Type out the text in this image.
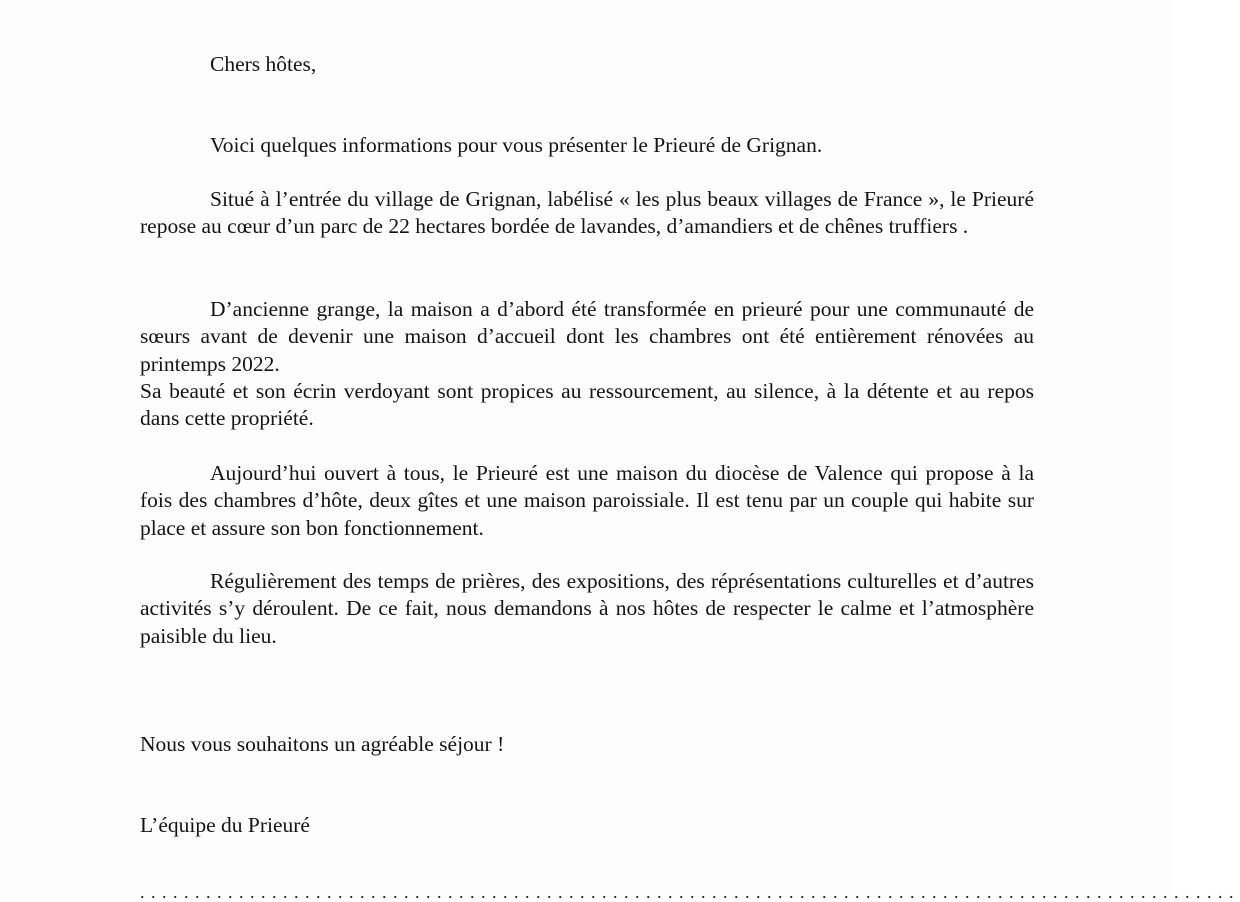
Chers hôtes,

Voici quelques informations pour vous présenter le Prieuré de Grignan.

Situé à l’entrée du village de Grignan, labélisé « les plus beaux villages de France », le Prieuré repose au cœur d’un parc de 22 hectares bordée de lavandes, d’amandiers et de chênes truffiers .

D’ancienne grange, la maison a d’abord été transformée en prieuré pour une communauté de sœurs avant de devenir une maison d’accueil dont les chambres ont été entièrement rénovées au printemps 2022.

Sa beauté et son écrin verdoyant sont propices au ressourcement, au silence, à la détente et au repos dans cette propriété.

Aujourd’hui ouvert à tous, le Prieuré est une maison du diocèse de Valence qui propose à la fois des chambres d’hôte, deux gîtes et une maison paroissiale. Il est tenu par un couple qui habite sur place et assure son bon fonctionnement.

Régulièrement des temps de prières, des expositions, des réprésentations culturelles et d’autres activités s’y déroulent. De ce fait, nous demandons à nos hôtes de respecter le calme et l’atmosphère paisible du lieu.

Nous vous souhaitons un agréable séjour !

L’équipe du Prieuré

....................................................................................................
